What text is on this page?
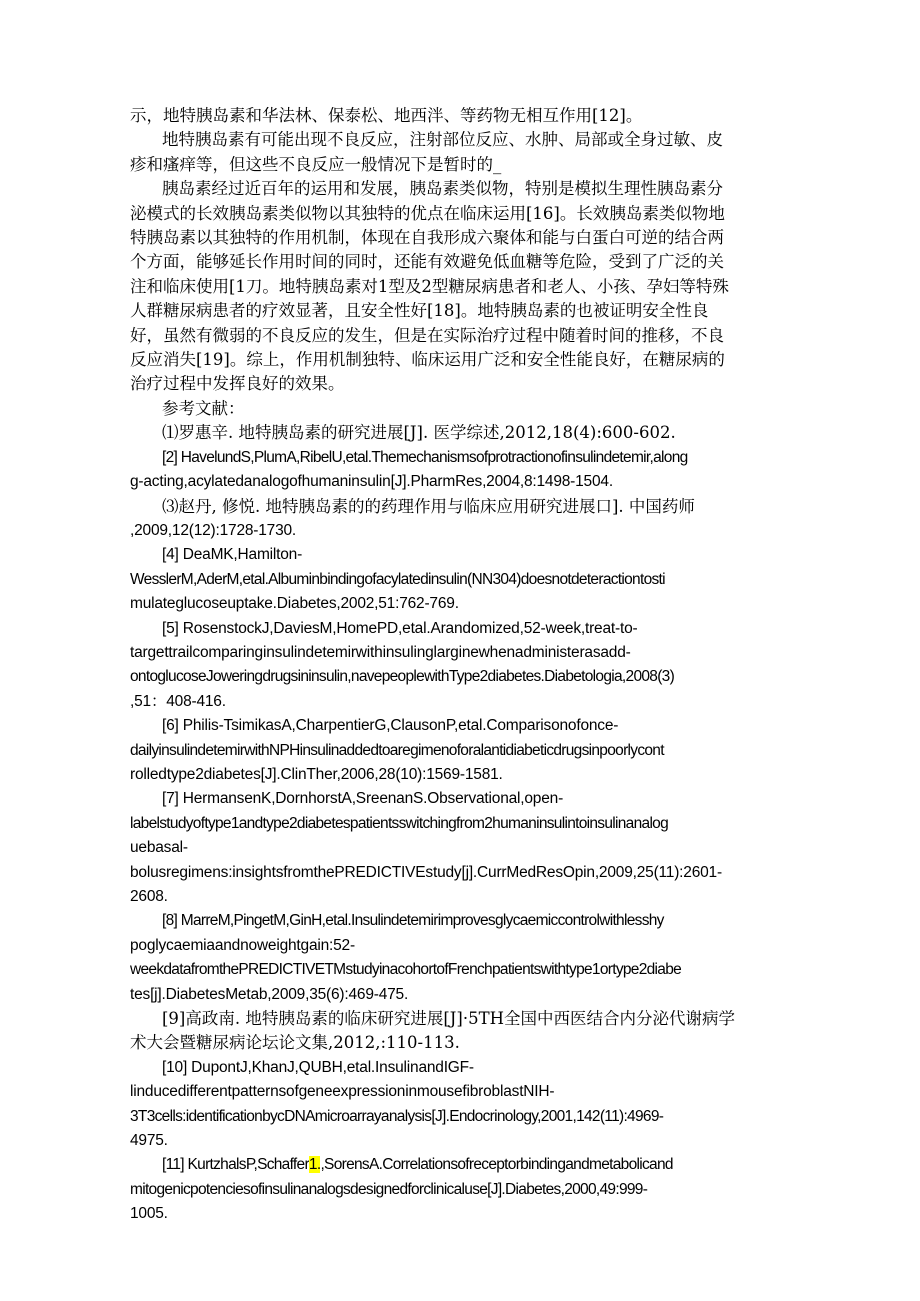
示，地特胰岛素和华法林、保泰松、地西泮、等药物无相互作用[12]。
地特胰岛素有可能出现不良反应，注射部位反应、水肿、局部或全身过敏、皮
疹和瘙痒等，但这些不良反应一般情况下是暂时的_
胰岛素经过近百年的运用和发展，胰岛素类似物，特别是模拟生理性胰岛素分
泌模式的长效胰岛素类似物以其独特的优点在临床运用[16]。长效胰岛素类似物地
特胰岛素以其独特的作用机制，体现在自我形成六聚体和能与白蛋白可逆的结合两
个方面，能够延长作用时间的同时，还能有效避免低血糖等危险，受到了广泛的关
注和临床使用[1刀。地特胰岛素对1型及2型糖尿病患者和老人、小孩、孕妇等特殊
人群糖尿病患者的疗效显著，且安全性好[18]。地特胰岛素的也被证明安全性良
好，虽然有微弱的不良反应的发生，但是在实际治疗过程中随着时间的推移，不良
反应消失[19]。综上，作用机制独特、临床运用广泛和安全性能良好，在糖尿病的
治疗过程中发挥良好的效果。
参考文献：
⑴罗惠辛. 地特胰岛素的研究进展[J]. 医学综述,2012,18(4):600-602.
[2] HavelundS,PlumA,RibelU,etal.Themechanismsofprotractionofinsulindetemir,along
g-acting,acylatedanalogofhumaninsulin[J].PharmRes,2004,8:1498-1504.
⑶赵丹, 修悦. 地特胰岛素的的药理作用与临床应用研究进展口]. 中国药师
,2009,12(12):1728-1730.
[4] DeaMK,Hamilton-
WesslerM,AderM,etal.Albuminbindingofacylatedinsulin(NN304)doesnotdeteractiontosti
mulateglucoseuptake.Diabetes,2002,51:762-769.
[5] RosenstockJ,DaviesM,HomePD,etal.Arandomized,52-week,treat-to-
targettrailcomparinginsulindetemirwithinsulinglarginewhenadministerasadd-
ontoglucoseJoweringdrugsininsulin,navepeoplewithType2diabetes.Diabetologia,2008(3)
,51：408-416.
[6] Philis-TsimikasA,CharpentierG,ClausonP,etal.Comparisonofonce-
dailyinsulindetemirwithNPHinsulinaddedtoaregimenoforalantidiabeticdrugsinpoorlycont
rolledtype2diabetes[J].ClinTher,2006,28(10):1569-1581.
[7] HermansenK,DornhorstA,SreenanS.Observational,open-
labelstudyoftype1andtype2diabetespatientsswitchingfrom2humaninsulintoinsulinanalog
uebasal-
bolusregimens:insightsfromthePREDICTIVEstudy[j].CurrMedResOpin,2009,25(11):2601-
2608.
[8] MarreM,PingetM,GinH,etal.Insulindetemirimprovesglycaemiccontrolwithlesshy
poglycaemiaandnoweightgain:52-
weekdatafromthePREDICTIVETMstudyinacohortofFrenchpatientswithtype1ortype2diabe
tes[j].DiabetesMetab,2009,35(6):469-475.
[9]高政南. 地特胰岛素的临床研究进展[J]·5TH全国中西医结合内分泌代谢病学
术大会暨糖尿病论坛论文集,2012,:110-113.
[10] DupontJ,KhanJ,QUBH,etal.InsulinandIGF-
linducedifferentpatternsofgeneexpressioninmousefibroblastNIH-
3T3cells:identificationbycDNAmicroarrayanalysis[J].Endocrinology,2001,142(11):4969-
4975.
[11] KurtzhalsP,Schaffer1.,SorensA.Correlationsofreceptorbindingandmetabolicand
mitogenicpotenciesofinsulinanalogsdesignedforclinicaluse[J].Diabetes,2000,49:999-
1005.
